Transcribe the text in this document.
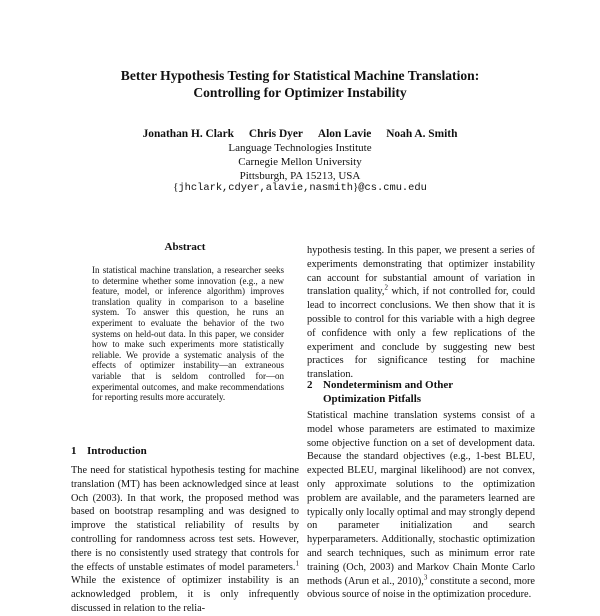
Better Hypothesis Testing for Statistical Machine Translation:
Controlling for Optimizer Instability
Jonathan H. Clark Chris Dyer Alon Lavie Noah A. Smith
Language Technologies Institute
Carnegie Mellon University
Pittsburgh, PA 15213, USA
{jhclark,cdyer,alavie,nasmith}@cs.cmu.edu
Abstract
In statistical machine translation, a researcher seeks to determine whether some innovation (e.g., a new feature, model, or inference algorithm) improves translation quality in comparison to a baseline system. To answer this question, he runs an experiment to evaluate the behavior of the two systems on held-out data. In this paper, we consider how to make such experiments more statistically reliable. We provide a systematic analysis of the effects of optimizer instability—an extraneous variable that is seldom controlled for—on experimental outcomes, and make recommendations for reporting results more accurately.
1 Introduction
The need for statistical hypothesis testing for machine translation (MT) has been acknowledged since at least Och (2003). In that work, the proposed method was based on bootstrap resampling and was designed to improve the statistical reliability of results by controlling for randomness across test sets. However, there is no consistently used strategy that controls for the effects of unstable estimates of model parameters.$^1$ While the existence of optimizer instability is an acknowledged problem, it is only infrequently discussed in relation to the relia-
hypothesis testing. In this paper, we present a series of experiments demonstrating that optimizer instability can account for substantial amount of variation in translation quality,$^2$ which, if not controlled for, could lead to incorrect conclusions. We then show that it is possible to control for this variable with a high degree of confidence with only a few replications of the experiment and conclude by suggesting new best practices for significance testing for machine translation.
2 Nondeterminism and Other
Optimization Pitfalls
Statistical machine translation systems consist of a model whose parameters are estimated to maximize some objective function on a set of development data. Because the standard objectives (e.g., 1-best BLEU, expected BLEU, marginal likelihood) are not convex, only approximate solutions to the optimization problem are available, and the parameters learned are typically only locally optimal and may strongly depend on parameter initialization and search hyperparameters. Additionally, stochastic optimization and search techniques, such as minimum error rate training (Och, 2003) and Markov Chain Monte Carlo methods (Arun et al., 2010),$^3$ constitute a second, more obvious source of noise in the optimization procedure.
